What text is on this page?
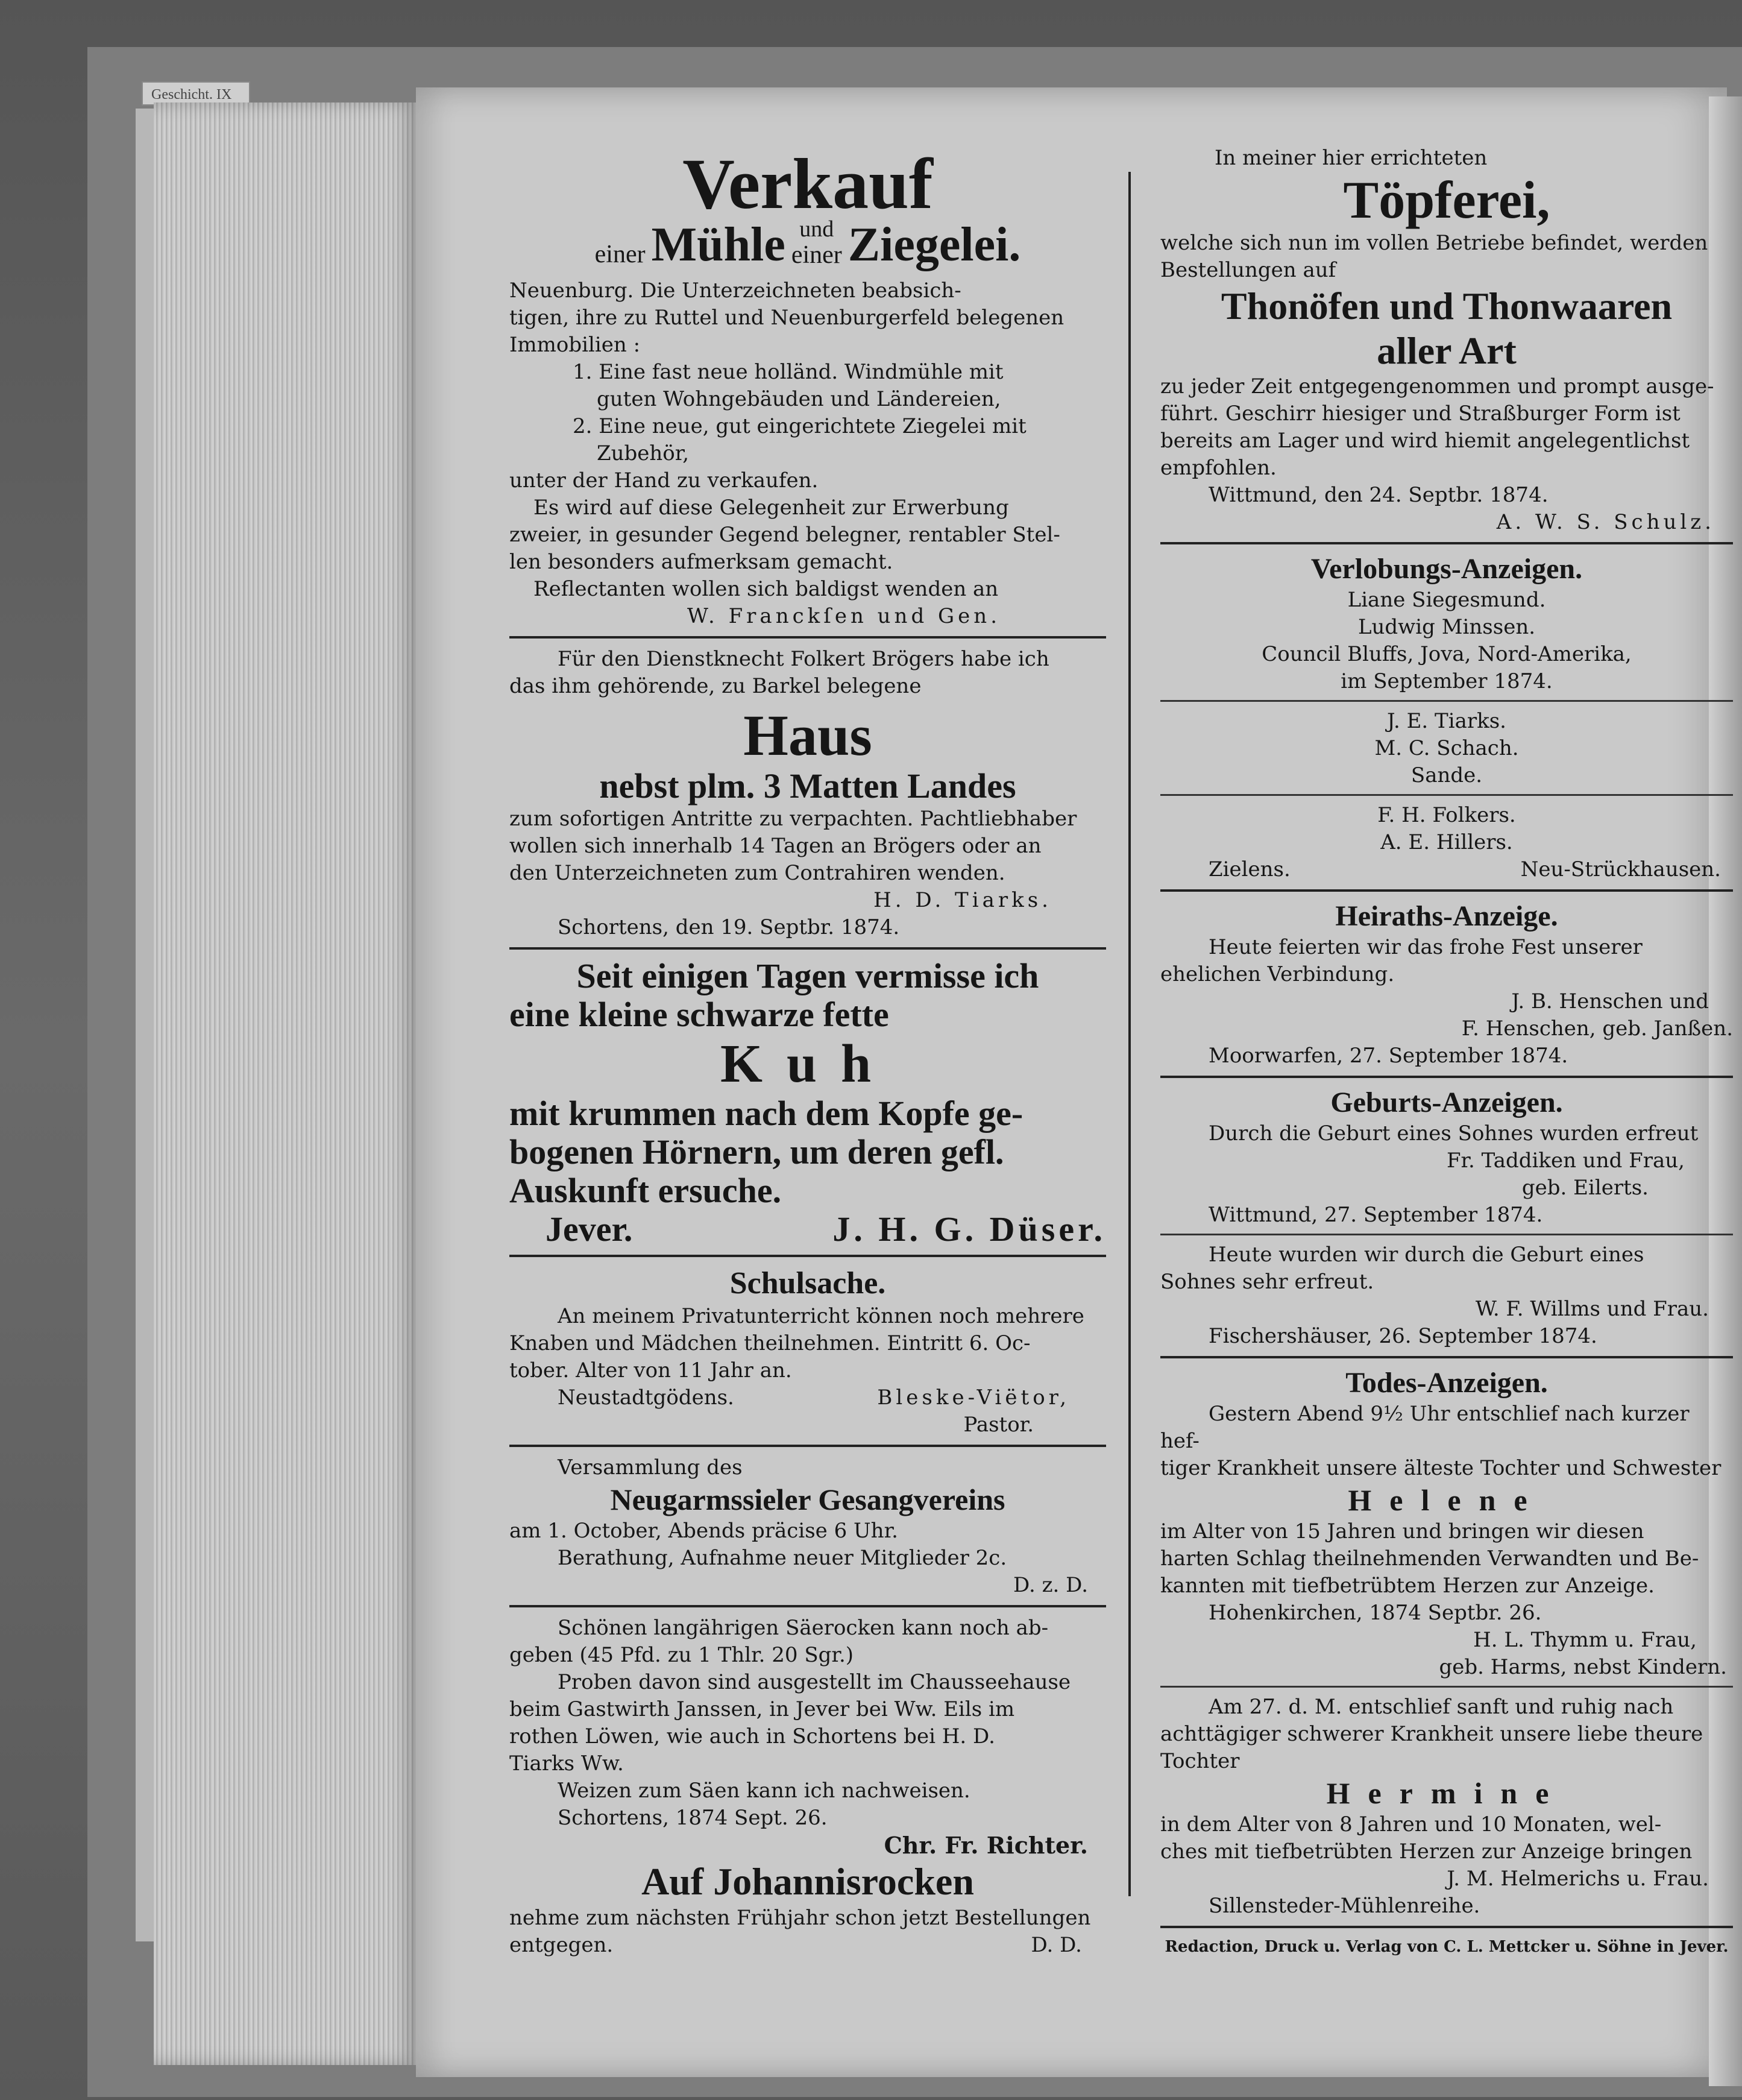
Geschicht. IX

Verkauf

einer Mühle und
einer Ziegelei.

Neuenburg. Die Unterzeichneten beabsich-

tigen, ihre zu Ruttel und Neuenburgerfeld belegenen

Immobilien :

1. Eine fast neue holländ. Windmühle mit

guten Wohngebäuden und Ländereien,

2. Eine neue, gut eingerichtete Ziegelei mit

Zubehör,

unter der Hand zu verkaufen.

Es wird auf diese Gelegenheit zur Erwerbung

zweier, in gesunder Gegend belegner, rentabler Stel-

len besonders aufmerksam gemacht.

Reflectanten wollen sich baldigst wenden an

W. Franckſen und Gen.

Für den Dienstknecht Folkert Brögers habe ich

das ihm gehörende, zu Barkel belegene

Haus

nebst plm. 3 Matten Landes

zum sofortigen Antritte zu verpachten. Pachtliebhaber

wollen sich innerhalb 14 Tagen an Brögers oder an

den Unterzeichneten zum Contrahiren wenden.

H. D. Tiarks.

Schortens, den 19. Septbr. 1874.

Seit einigen Tagen vermisse ich

eine kleine schwarze fette

Kuh

mit krummen nach dem Kopfe ge-

bogenen Hörnern, um deren gefl.

Auskunft ersuche.

Jever.	J. H. G. Düser.

Schulsache.

An meinem Privatunterricht können noch mehrere

Knaben und Mädchen theilnehmen. Eintritt 6. Oc-

tober. Alter von 11 Jahr an.

Neustadtgödens.	Bleske-Viëtor,

Pastor.

Versammlung des

Neugarmssieler Gesangvereins

am 1. October, Abends präcise 6 Uhr.

Berathung, Aufnahme neuer Mitglieder 2c.

D. z. D.

Schönen langährigen Säerocken kann noch ab-

geben (45 Pfd. zu 1 Thlr. 20 Sgr.)

Proben davon sind ausgestellt im Chausseehause

beim Gastwirth Janssen, in Jever bei Ww. Eils im

rothen Löwen, wie auch in Schortens bei H. D.

Tiarks Ww.

Weizen zum Säen kann ich nachweisen.

Schortens, 1874 Sept. 26.

Chr. Fr. Richter.

Auf Johannisrocken

nehme zum nächsten Frühjahr schon jetzt Bestellungen

entgegen.	D. D.

In meiner hier errichteten

Töpferei,

welche sich nun im vollen Betriebe befindet, werden

Bestellungen auf

Thonöfen und Thonwaaren

aller Art

zu jeder Zeit entgegengenommen und prompt ausge-

führt. Geschirr hiesiger und Straßburger Form ist

bereits am Lager und wird hiemit angelegentlichst

empfohlen.

Wittmund, den 24. Septbr. 1874.

A. W. S. Schulz.

Verlobungs-Anzeigen.

Liane Siegesmund.

Ludwig Minssen.

Council Bluffs, Jova, Nord-Amerika,

im September 1874.

J. E. Tiarks.

M. C. Schach.

Sande.

F. H. Folkers.

A. E. Hillers.

Zielens.	Neu-Strückhausen.

Heiraths-Anzeige.

Heute feierten wir das frohe Fest unserer

ehelichen Verbindung.

J. B. Henschen und

F. Henschen, geb. Janßen.

Moorwarfen, 27. September 1874.

Geburts-Anzeigen.

Durch die Geburt eines Sohnes wurden erfreut

Fr. Taddiken und Frau,

geb. Eilerts.

Wittmund, 27. September 1874.

Heute wurden wir durch die Geburt eines

Sohnes sehr erfreut.

W. F. Willms und Frau.

Fischershäuser, 26. September 1874.

Todes-Anzeigen.

Gestern Abend 9½ Uhr entschlief nach kurzer hef-

tiger Krankheit unsere älteste Tochter und Schwester

Helene

im Alter von 15 Jahren und bringen wir diesen

harten Schlag theilnehmenden Verwandten und Be-

kannten mit tiefbetrübtem Herzen zur Anzeige.

Hohenkirchen, 1874 Septbr. 26.

H. L. Thymm u. Frau,

geb. Harms, nebst Kindern.

Am 27. d. M. entschlief sanft und ruhig nach

achttägiger schwerer Krankheit unsere liebe theure

Tochter

Hermine

in dem Alter von 8 Jahren und 10 Monaten, wel-

ches mit tiefbetrübten Herzen zur Anzeige bringen

J. M. Helmerichs u. Frau.

Sillensteder-Mühlenreihe.

Redaction, Druck u. Verlag von C. L. Mettcker u. Söhne in Jever.
